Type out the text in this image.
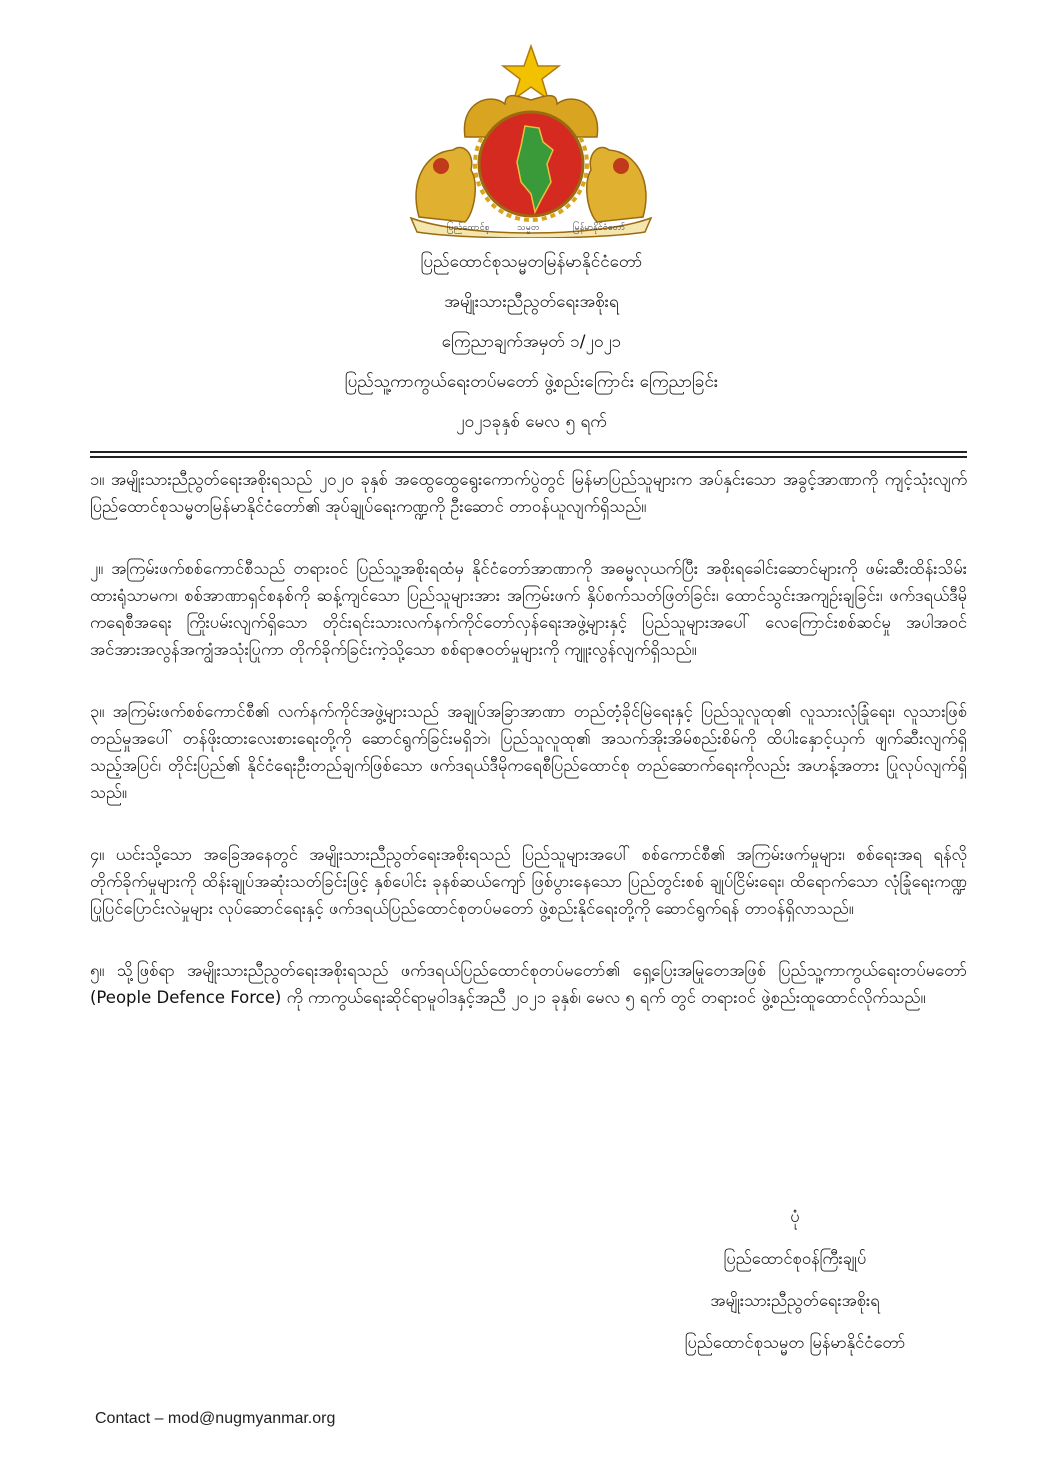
ပြည်ထောင်စု	သမ္မတ	မြန်မာနိုင်ငံတော်
ပြည်ထောင်စုသမ္မတမြန်မာနိုင်ငံတော်
အမျိုးသားညီညွတ်ရေးအစိုးရ
ကြေညာချက်အမှတ် ၁/၂၀၂၁
ပြည်သူ့ကာကွယ်ရေးတပ်မတော် ဖွဲ့စည်းကြောင်း ကြေညာခြင်း
၂၀၂၁ခုနှစ် မေလ ၅ ရက်

၁။ အမျိုးသားညီညွတ်ရေးအစိုးရသည် ၂၀၂၀ ခုနှစ် အထွေထွေရွေးကောက်ပွဲတွင် မြန်မာပြည်သူများက အပ်နှင်းသော အခွင့်အာဏာကို ကျင့်သုံးလျက် ပြည်ထောင်စုသမ္မတမြန်မာနိုင်ငံတော်၏ အုပ်ချုပ်ရေးကဏ္ဍကို ဦးဆောင် တာဝန်ယူလျက်ရှိသည်။

၂။ အကြမ်းဖက်စစ်ကောင်စီသည် တရားဝင် ပြည်သူ့အစိုးရထံမှ နိုင်ငံတော်အာဏာကို အဓမ္မလုယက်ပြီး အစိုးရခေါင်းဆောင်များကို ဖမ်းဆီးထိန်းသိမ်းထားရုံသာမက၊ စစ်အာဏာရှင်စနစ်ကို ဆန့်ကျင်သော ပြည်သူများအား အကြမ်းဖက် နှိပ်စက်သတ်ဖြတ်ခြင်း၊ ထောင်သွင်းအကျဉ်းချခြင်း၊ ဖက်ဒရယ်ဒီမိုကရေစီအရေး ကြိုးပမ်းလျက်ရှိသော တိုင်းရင်းသားလက်နက်ကိုင်တော်လှန်ရေးအဖွဲ့များနှင့် ပြည်သူများအပေါ် လေကြောင်းစစ်ဆင်မှု အပါအဝင် အင်အားအလွန်အကျွံအသုံးပြုကာ တိုက်ခိုက်ခြင်းကဲ့သို့သော စစ်ရာဇဝတ်မှုများကို ကျူးလွန်လျက်ရှိသည်။

၃။ အကြမ်းဖက်စစ်ကောင်စီ၏ လက်နက်ကိုင်အဖွဲ့များသည် အချုပ်အခြာအာဏာ တည်တံ့ခိုင်မြဲရေးနှင့် ပြည်သူလူထု၏ လူသားလုံခြုံရေး၊ လူသားဖြစ်တည်မှုအပေါ် တန်ဖိုးထားလေးစားရေးတို့ကို ဆောင်ရွက်ခြင်းမရှိဘဲ၊ ပြည်သူလူထု၏ အသက်အိုးအိမ်စည်းစိမ်ကို ထိပါးနှောင့်ယှက် ဖျက်ဆီးလျက်ရှိသည့်အပြင်၊ တိုင်းပြည်၏ နိုင်ငံရေးဦးတည်ချက်ဖြစ်သော ဖက်ဒရယ်ဒီမိုကရေစီပြည်ထောင်စု တည်ဆောက်ရေးကိုလည်း အဟန့်အတား ပြုလုပ်လျက်ရှိသည်။

၄။ ယင်းသို့သော အခြေအနေတွင် အမျိုးသားညီညွတ်ရေးအစိုးရသည် ပြည်သူများအပေါ် စစ်ကောင်စီ၏ အကြမ်းဖက်မှုများ၊ စစ်ရေးအရ ရန်လိုတိုက်ခိုက်မှုများကို ထိန်းချုပ်အဆုံးသတ်ခြင်းဖြင့် နှစ်ပေါင်း ခုနစ်ဆယ်ကျော် ဖြစ်ပွားနေသော ပြည်တွင်းစစ် ချုပ်ငြိမ်းရေး၊ ထိရောက်သော လုံခြုံရေးကဏ္ဍ ပြုပြင်ပြောင်းလဲမှုများ လုပ်ဆောင်ရေးနှင့် ဖက်ဒရယ်ပြည်ထောင်စုတပ်မတော် ဖွဲ့စည်းနိုင်ရေးတို့ကို ဆောင်ရွက်ရန် တာဝန်ရှိလာသည်။

၅။ သို့ဖြစ်ရာ အမျိုးသားညီညွတ်ရေးအစိုးရသည် ဖက်ဒရယ်ပြည်ထောင်စုတပ်မတော်၏ ရှေ့ပြေးအမြုတေအဖြစ် ပြည်သူ့ကာကွယ်ရေးတပ်မတော် (People Defence Force) ကို ကာကွယ်ရေးဆိုင်ရာမူဝါဒနှင့်အညီ ၂၀၂၁ ခုနှစ်၊ မေလ ၅ ရက် တွင် တရားဝင် ဖွဲ့စည်းထူထောင်လိုက်သည်။

ပုံ
ပြည်ထောင်စုဝန်ကြီးချုပ်
အမျိုးသားညီညွတ်ရေးအစိုးရ
ပြည်ထောင်စုသမ္မတ မြန်မာနိုင်ငံတော်
Contact – mod@nugmyanmar.org
